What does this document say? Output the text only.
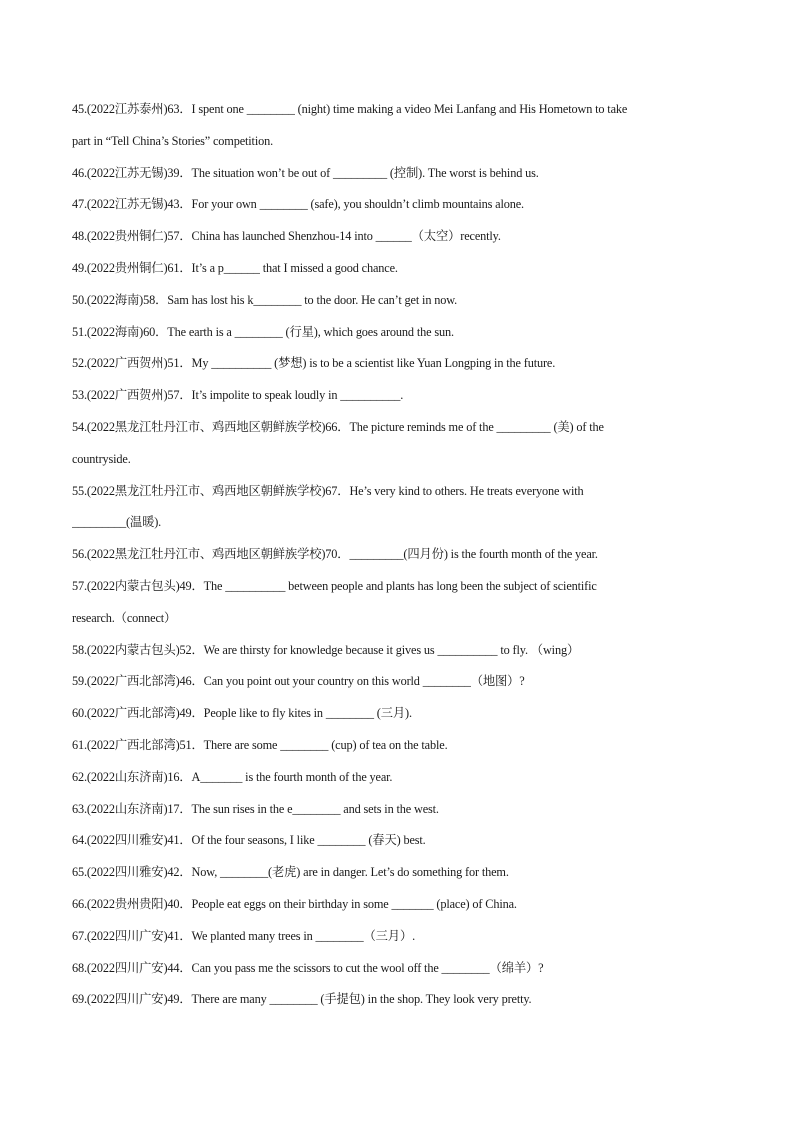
45.(2022江苏泰州)63．I spent one ________ (night) time making a video Mei Lanfang and His Hometown to take
part in “Tell China’s Stories” competition.
46.(2022江苏无锡)39．The situation won’t be out of _________ (控制). The worst is behind us.
47.(2022江苏无锡)43．For your own ________ (safe), you shouldn’t climb mountains alone.
48.(2022贵州铜仁)57．China has launched Shenzhou-14 into ______（太空）recently.
49.(2022贵州铜仁)61．It’s a p______ that I missed a good chance.
50.(2022海南)58．Sam has lost his k________ to the door. He can’t get in now.
51.(2022海南)60．The earth is a ________ (行星), which goes around the sun.
52.(2022广西贺州)51．My __________ (梦想) is to be a scientist like Yuan Longping in the future.
53.(2022广西贺州)57．It’s impolite to speak loudly in __________.
54.(2022黑龙江牡丹江市、鸡西地区朝鲜族学校)66．The picture reminds me of the _________ (美) of the
countryside.
55.(2022黑龙江牡丹江市、鸡西地区朝鲜族学校)67．He’s very kind to others. He treats everyone with
_________(温暖).
56.(2022黑龙江牡丹江市、鸡西地区朝鲜族学校)70．_________(四月份) is the fourth month of the year.
57.(2022内蒙古包头)49．The __________ between people and plants has long been the subject of scientific
research.（connect）
58.(2022内蒙古包头)52．We are thirsty for knowledge because it gives us __________ to fly. （wing）
59.(2022广西北部湾)46．Can you point out your country on this world ________（地图）?
60.(2022广西北部湾)49．People like to fly kites in ________ (三月).
61.(2022广西北部湾)51．There are some ________ (cup) of tea on the table.
62.(2022山东济南)16．A_______ is the fourth month of the year.
63.(2022山东济南)17．The sun rises in the e________ and sets in the west.
64.(2022四川雅安)41．Of the four seasons, I like ________ (春天) best.
65.(2022四川雅安)42．Now, ________(老虎) are in danger. Let’s do something for them.
66.(2022贵州贵阳)40．People eat eggs on their birthday in some _______ (place) of China.
67.(2022四川广安)41．We planted many trees in ________（三月）.
68.(2022四川广安)44．Can you pass me the scissors to cut the wool off the ________（绵羊）?
69.(2022四川广安)49．There are many ________ (手提包) in the shop. They look very pretty.
